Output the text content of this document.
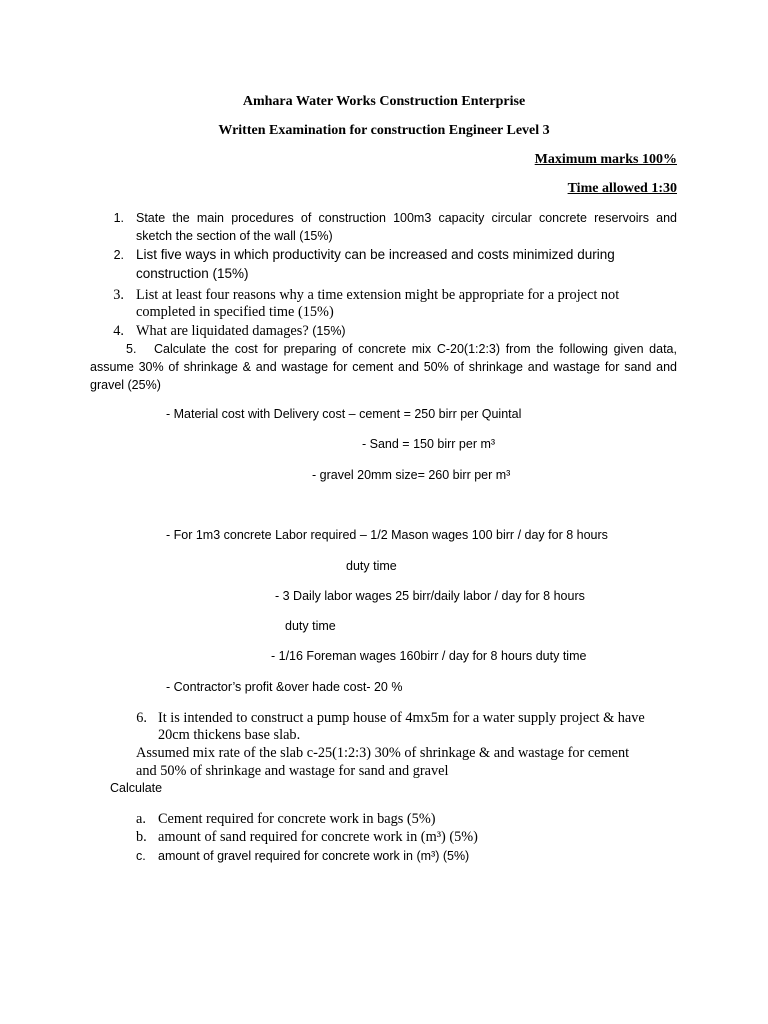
Amhara Water Works Construction Enterprise
Written Examination for construction Engineer Level 3
Maximum marks 100%
Time allowed 1:30
1. State the main procedures of construction 100m3 capacity circular concrete reservoirs and
sketch the section of the wall (15%)
2. List five ways in which productivity can be increased and costs minimized during
construction (15%)
3. List at least four reasons why a time extension might be appropriate for a project not
completed in specified time (15%)
4. What are liquidated damages? (15%)
5. Calculate the cost for preparing of concrete mix C-20(1:2:3) from the following given data,
assume 30% of shrinkage & and wastage for cement and 50% of shrinkage and wastage for sand and
gravel (25%)
- Material cost with Delivery cost – cement = 250 birr per Quintal
- Sand = 150 birr per m³
- gravel 20mm size= 260 birr per m³
- For 1m3 concrete Labor required – 1/2 Mason wages 100 birr / day for 8 hours
duty time
- 3 Daily labor wages 25 birr/daily labor / day for 8 hours
duty time
- 1/16 Foreman wages 160birr / day for 8 hours duty time
- Contractor’s profit &over hade cost- 20 %
6. It is intended to construct a pump house of 4mx5m for a water supply project & have
20cm thickens base slab.
Assumed mix rate of the slab c-25(1:2:3) 30% of shrinkage & and wastage for cement
and 50% of shrinkage and wastage for sand and gravel
Calculate
a. Cement required for concrete work in bags (5%)
b. amount of sand required for concrete work in (m³) (5%)
c. amount of gravel required for concrete work in (m³) (5%)
